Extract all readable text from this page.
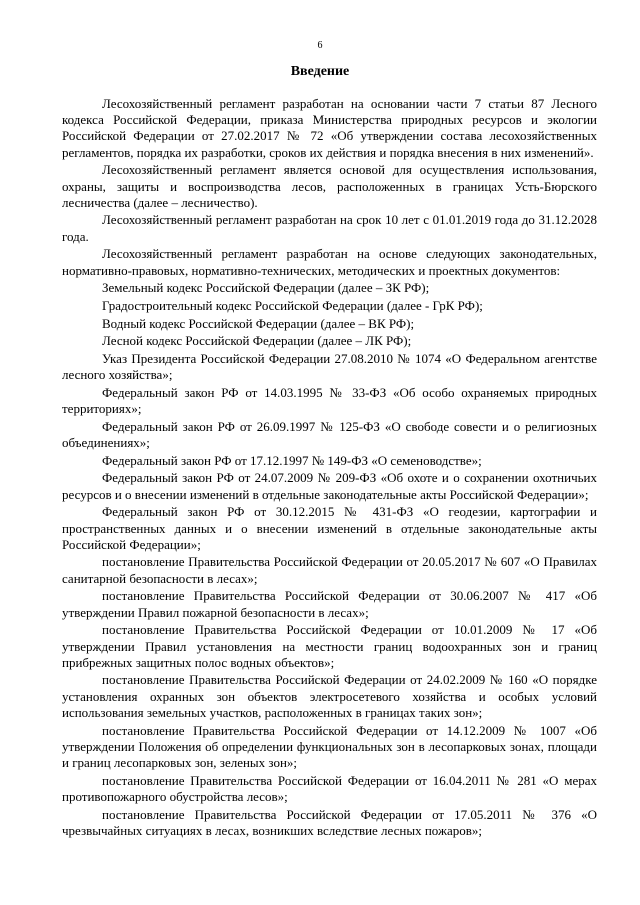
6
Введение

Лесохозяйственный регламент разработан на основании части 7 статьи 87 Лесного кодекса Российской Федерации, приказа Министерства природных ресурсов и экологии Российской Федерации от 27.02.2017 № 72 «Об утверждении состава лесохозяйственных регламентов, порядка их разработки, сроков их действия и порядка внесения в них изменений».

Лесохозяйственный регламент является основой для осуществления использования, охраны, защиты и воспроизводства лесов, расположенных в границах Усть-Бюрского лесничества (далее – лесничество).

Лесохозяйственный регламент разработан на срок 10 лет с 01.01.2019 года до 31.12.2028 года.

Лесохозяйственный регламент разработан на основе следующих законодательных, нормативно-правовых, нормативно-технических, методических и проектных документов:

Земельный кодекс Российской Федерации (далее – ЗК РФ);

Градостроительный кодекс Российской Федерации (далее - ГрК РФ);

Водный кодекс Российской Федерации (далее – ВК РФ);

Лесной кодекс Российской Федерации (далее – ЛК РФ);

Указ Президента Российской Федерации 27.08.2010 № 1074 «О Федеральном агентстве лесного хозяйства»;

Федеральный закон РФ от 14.03.1995 № 33-ФЗ «Об особо охраняемых природных территориях»;

Федеральный закон РФ от 26.09.1997 № 125-ФЗ «О свободе совести и о религиозных объединениях»;

Федеральный закон РФ от 17.12.1997 № 149-ФЗ «О семеноводстве»;

Федеральный закон РФ от 24.07.2009 № 209-ФЗ «Об охоте и о сохранении охотничьих ресурсов и о внесении изменений в отдельные законодательные акты Российской Федерации»;

Федеральный закон РФ от 30.12.2015 № 431-ФЗ «О геодезии, картографии и пространственных данных и о внесении изменений в отдельные законодательные акты Российской Федерации»;

постановление Правительства Российской Федерации от 20.05.2017 № 607 «О Правилах санитарной безопасности в лесах»;

постановление Правительства Российской Федерации от 30.06.2007 № 417 «Об утверждении Правил пожарной безопасности в лесах»;

постановление Правительства Российской Федерации от 10.01.2009 № 17 «Об утверждении Правил установления на местности границ водоохранных зон и границ прибрежных защитных полос водных объектов»;

постановление Правительства Российской Федерации от 24.02.2009 № 160 «О порядке установления охранных зон объектов электросетевого хозяйства и особых условий использования земельных участков, расположенных в границах таких зон»;

постановление Правительства Российской Федерации от 14.12.2009 № 1007 «Об утверждении Положения об определении функциональных зон в лесопарковых зонах, площади и границ лесопарковых зон, зеленых зон»;

постановление Правительства Российской Федерации от 16.04.2011 № 281 «О мерах противопожарного обустройства лесов»;

постановление Правительства Российской Федерации от 17.05.2011 № 376 «О чрезвычайных ситуациях в лесах, возникших вследствие лесных пожаров»;
